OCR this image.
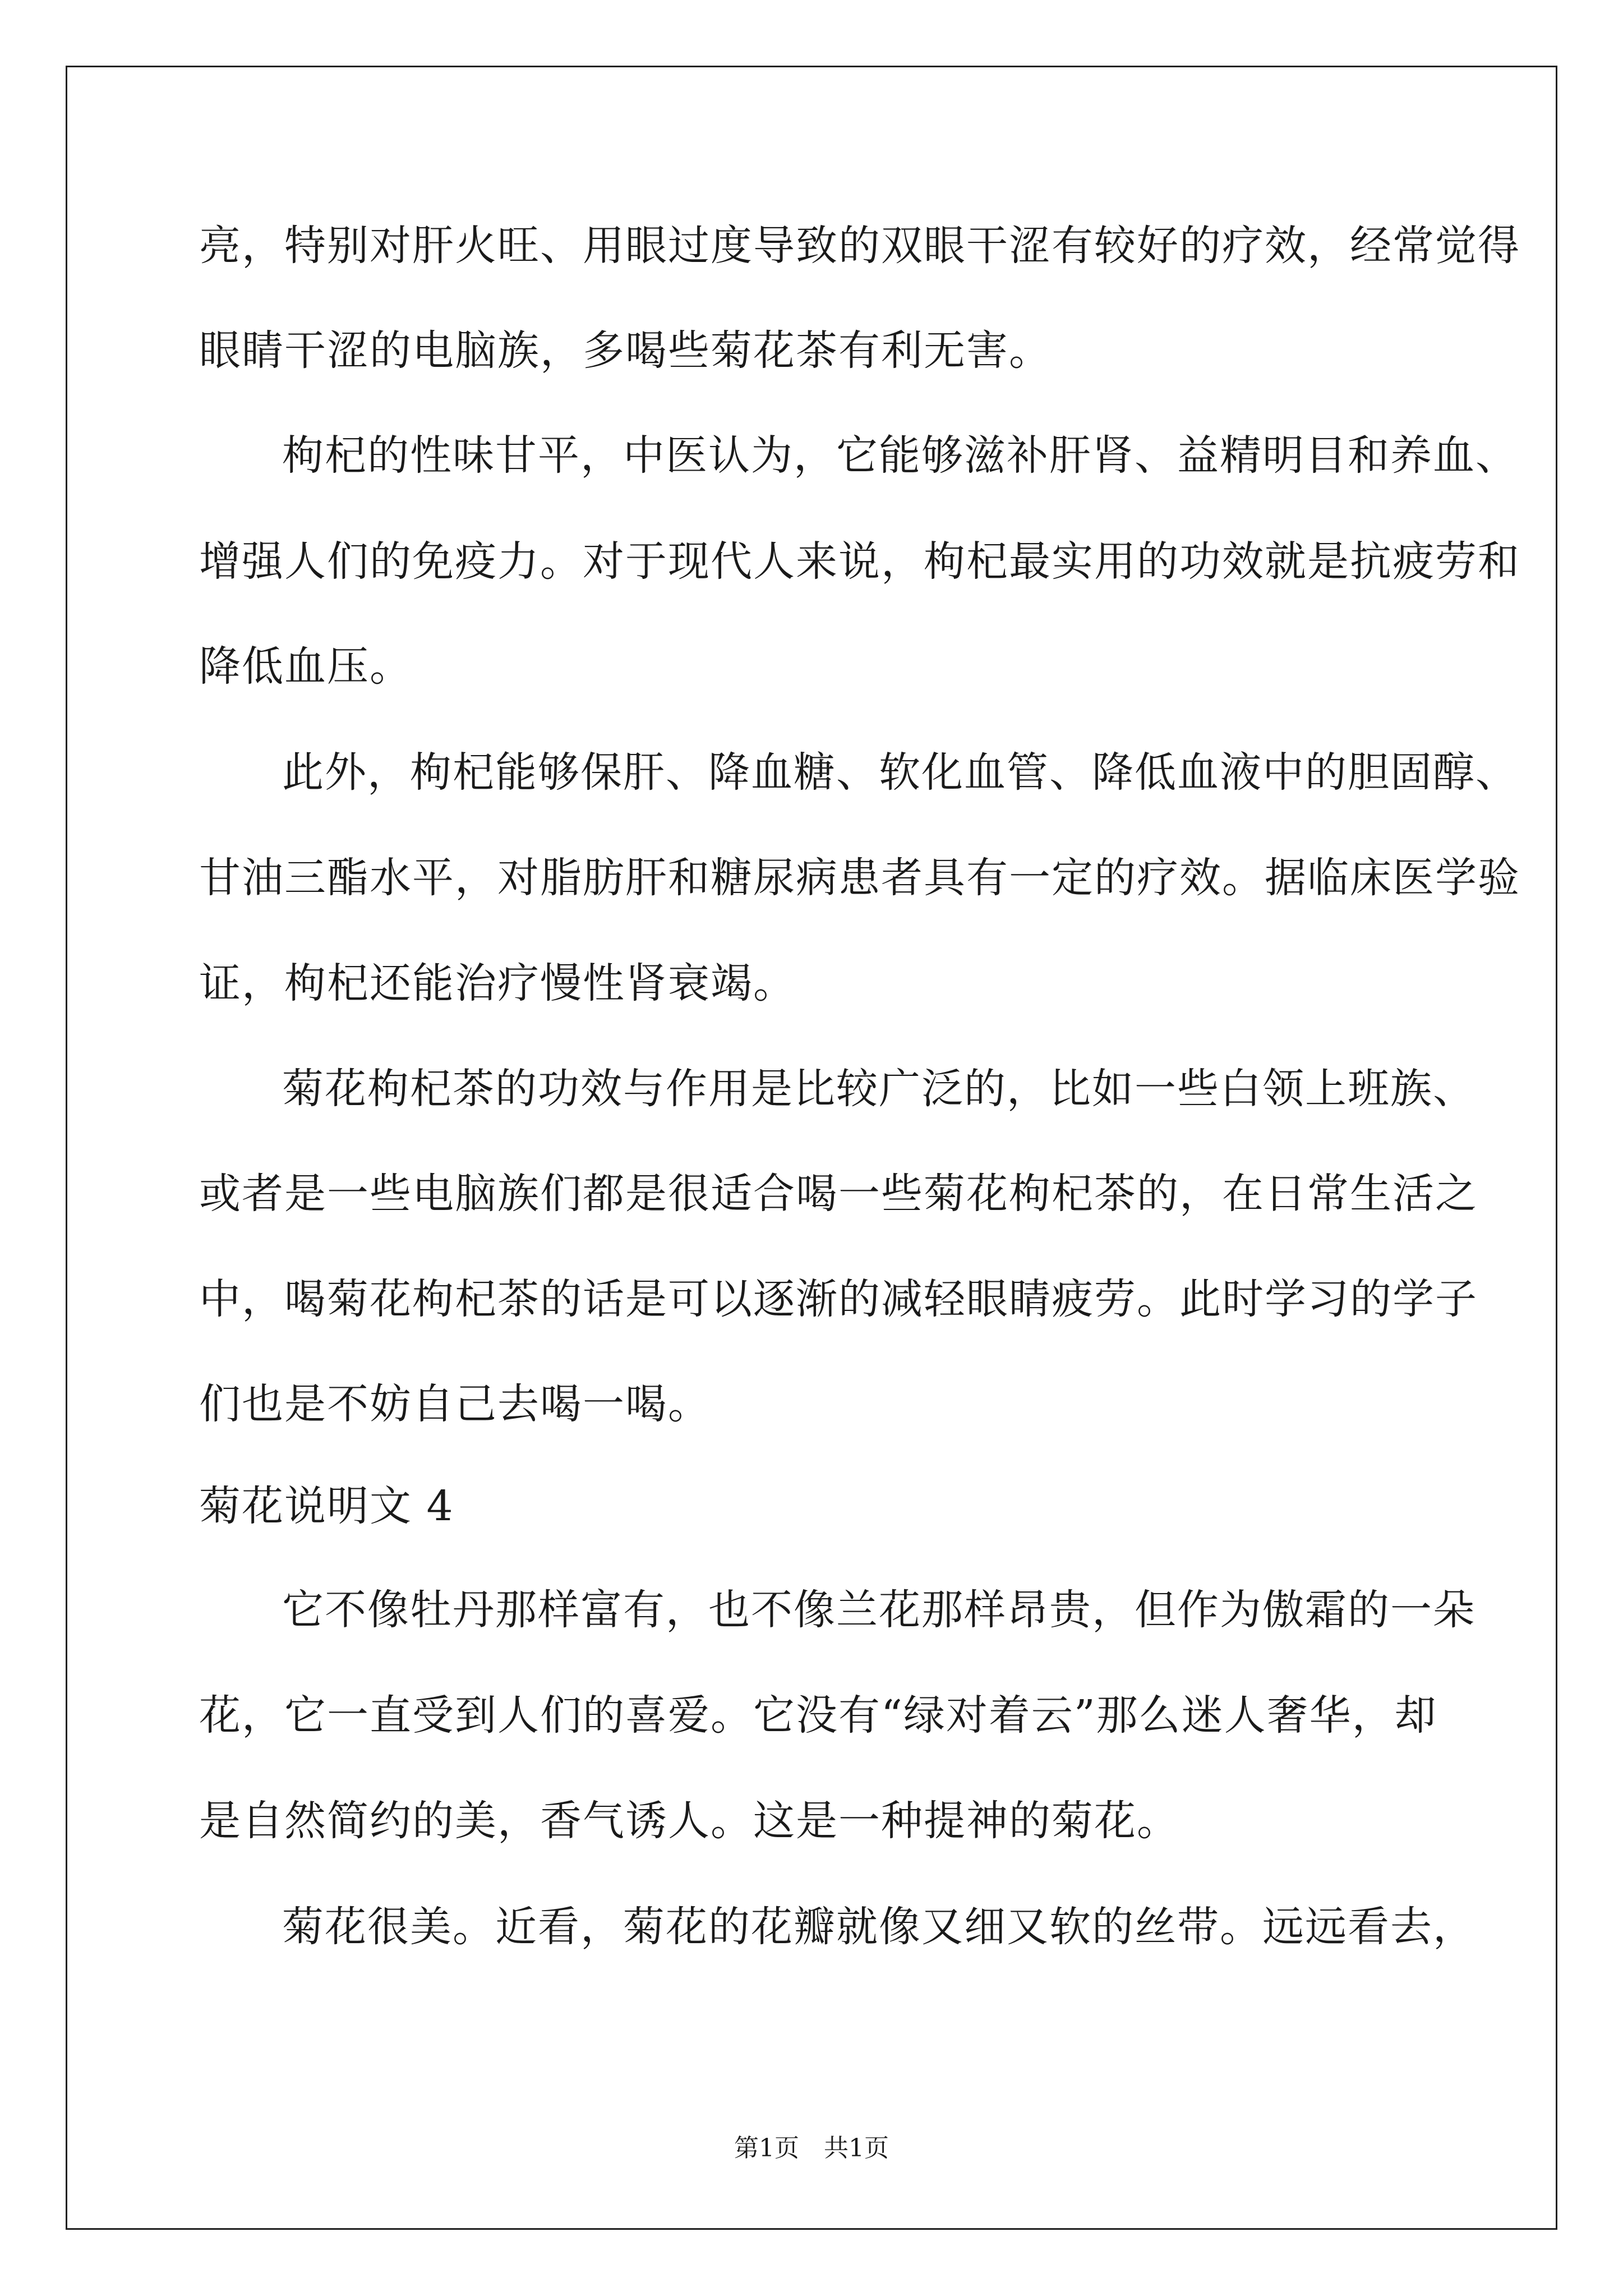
亮，特别对肝火旺、用眼过度导致的双眼干涩有较好的疗效，经常觉得
眼睛干涩的电脑族，多喝些菊花茶有利无害。
枸杞的性味甘平，中医认为，它能够滋补肝肾、益精明目和养血、
增强人们的免疫力。对于现代人来说，枸杞最实用的功效就是抗疲劳和
降低血压。
此外，枸杞能够保肝、降血糖、软化血管、降低血液中的胆固醇、
甘油三酯水平，对脂肪肝和糖尿病患者具有一定的疗效。据临床医学验
证，枸杞还能治疗慢性肾衰竭。
菊花枸杞茶的功效与作用是比较广泛的，比如一些白领上班族、
或者是一些电脑族们都是很适合喝一些菊花枸杞茶的，在日常生活之
中，喝菊花枸杞茶的话是可以逐渐的减轻眼睛疲劳。此时学习的学子
们也是不妨自己去喝一喝。
菊花说明文 4
它不像牡丹那样富有，也不像兰花那样昂贵，但作为傲霜的一朵
花，它一直受到人们的喜爱。它没有“绿对着云”那么迷人奢华，却
是自然简约的美，香气诱人。这是一种提神的菊花。
菊花很美。近看，菊花的花瓣就像又细又软的丝带。远远看去，
第1页　共1页
